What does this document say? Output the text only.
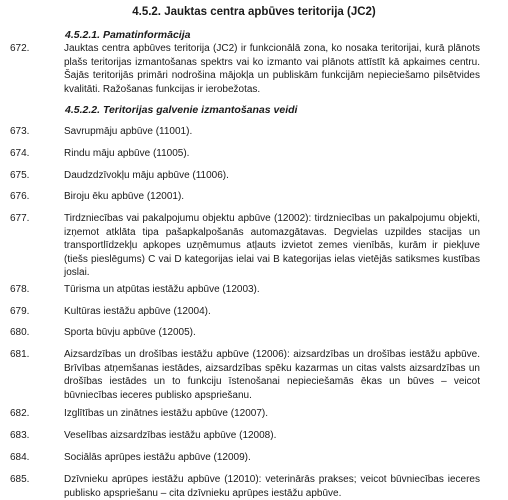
4.5.2. Jauktas centra apbūves teritorija (JC2)
4.5.2.1. Pamatinformācija
4.5.2.2. Teritorijas galvenie izmantošanas veidi
672.	Jauktas centra apbūves teritorija (JC2) ir funkcionālā zona, ko nosaka teritorijai, kurā plānots
plašs teritorijas izmantošanas spektrs vai ko izmanto vai plānots attīstīt kā apkaimes centru.
Šajās teritorijās primāri nodrošina mājokļa un publiskām funkcijām nepieciešamo pilsētvides
kvalitāti. Ražošanas funkcijas ir ierobežotas.
673.	Savrupmāju apbūve (11001).
674.	Rindu māju apbūve (11005).
675.	Daudzdzīvokļu māju apbūve (11006).
676.	Biroju ēku apbūve (12001).
677.	Tirdzniecības vai pakalpojumu objektu apbūve (12002): tirdzniecības un pakalpojumu objekti,
izņemot atklāta tipa pašapkalpošanās automazgātavas. Degvielas uzpildes stacijas un
transportlīdzekļu apkopes uzņēmumus atļauts izvietot zemes vienībās, kurām ir piekļuve
(tiešs pieslēgums) C vai D kategorijas ielai vai B kategorijas ielas vietējās satiksmes kustības
joslai.
678.	Tūrisma un atpūtas iestāžu apbūve (12003).
679.	Kultūras iestāžu apbūve (12004).
680.	Sporta būvju apbūve (12005).
681.	Aizsardzības un drošības iestāžu apbūve (12006): aizsardzības un drošības iestāžu apbūve.
Brīvības atņemšanas iestādes, aizsardzības spēku kazarmas un citas valsts aizsardzības un
drošības iestādes un to funkciju īstenošanai nepieciešamās ēkas un būves – veicot
būvniecības ieceres publisko apspriešanu.
682.	Izglītības un zinātnes iestāžu apbūve (12007).
683.	Veselības aizsardzības iestāžu apbūve (12008).
684.	Sociālās aprūpes iestāžu apbūve (12009).
685.	Dzīvnieku aprūpes iestāžu apbūve (12010): veterinārās prakses; veicot būvniecības ieceres
publisko apspriešanu – cita dzīvnieku aprūpes iestāžu apbūve.
